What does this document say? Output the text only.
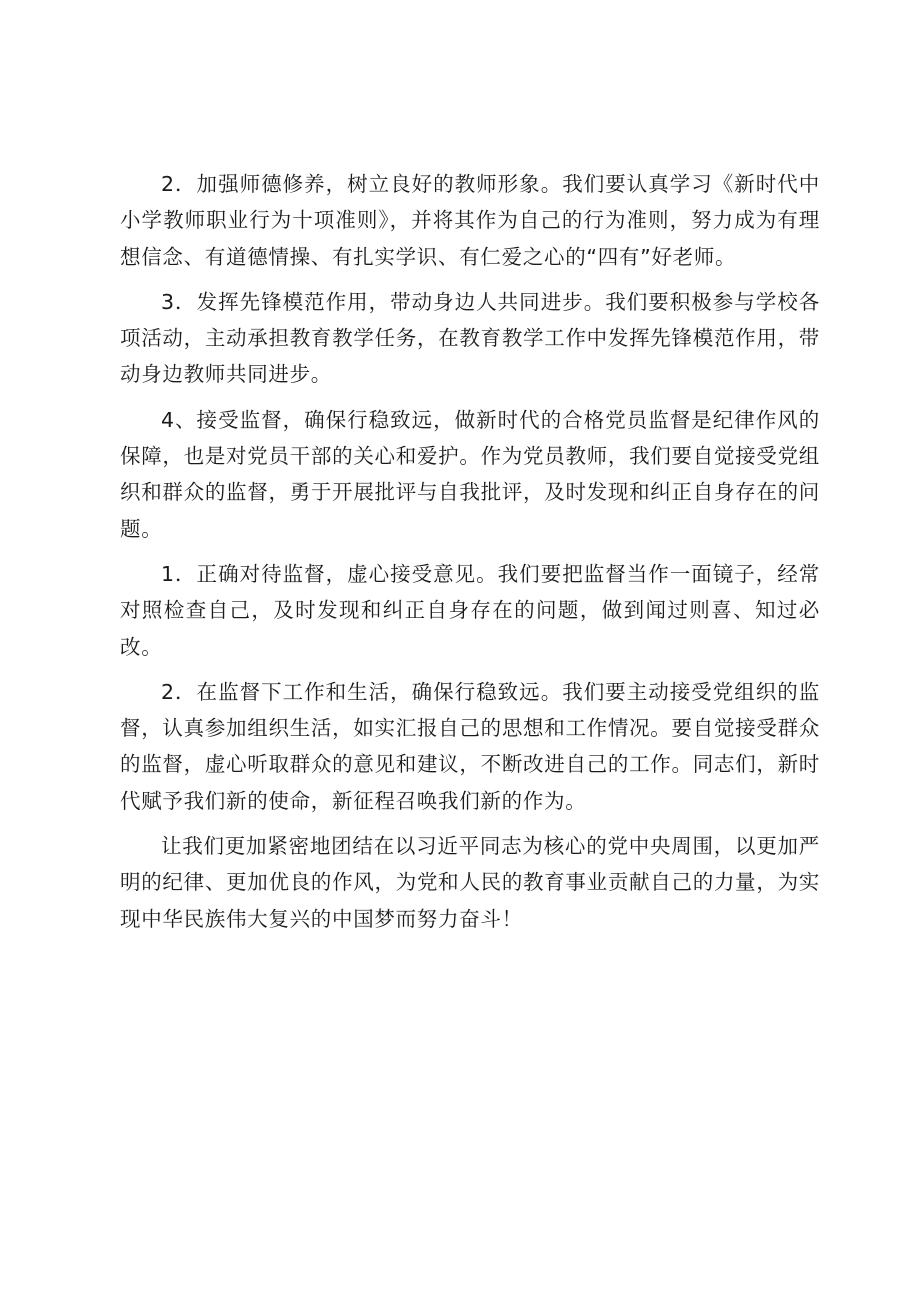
2．加强师德修养，树立良好的教师形象。我们要认真学习《新时代中小学教师职业行为十项准则》，并将其作为自己的行为准则，努力成为有理想信念、有道德情操、有扎实学识、有仁爱之心的“四有”好老师。

3．发挥先锋模范作用，带动身边人共同进步。我们要积极参与学校各项活动，主动承担教育教学任务，在教育教学工作中发挥先锋模范作用，带动身边教师共同进步。

4、接受监督，确保行稳致远，做新时代的合格党员监督是纪律作风的保障，也是对党员干部的关心和爱护。作为党员教师，我们要自觉接受党组织和群众的监督，勇于开展批评与自我批评，及时发现和纠正自身存在的问题。

1．正确对待监督，虚心接受意见。我们要把监督当作一面镜子，经常对照检查自己，及时发现和纠正自身存在的问题，做到闻过则喜、知过必改。

2．在监督下工作和生活，确保行稳致远。我们要主动接受党组织的监督，认真参加组织生活，如实汇报自己的思想和工作情况。要自觉接受群众的监督，虚心听取群众的意见和建议，不断改进自己的工作。同志们，新时代赋予我们新的使命，新征程召唤我们新的作为。

让我们更加紧密地团结在以习近平同志为核心的党中央周围，以更加严明的纪律、更加优良的作风，为党和人民的教育事业贡献自己的力量，为实现中华民族伟大复兴的中国梦而努力奋斗！
